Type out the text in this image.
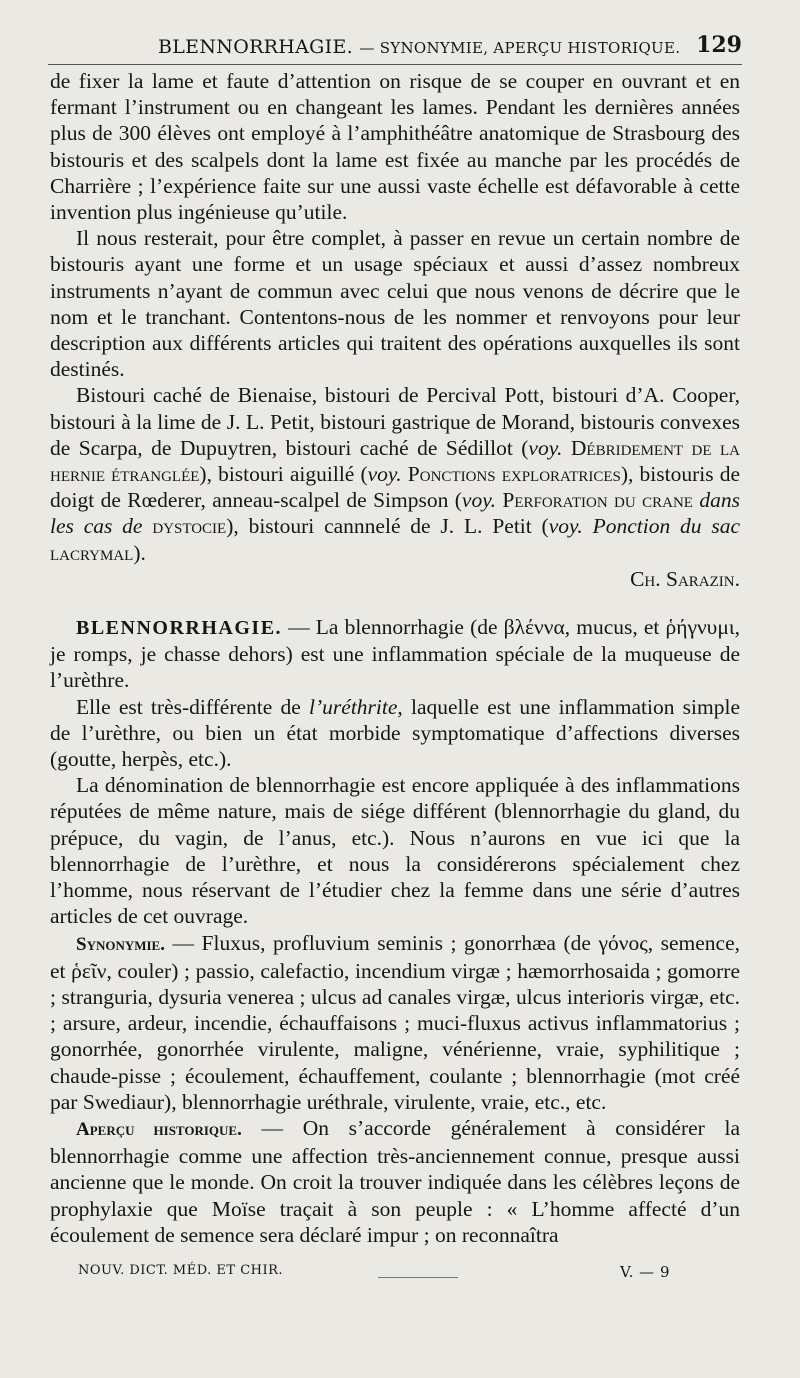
BLENNORRHAGIE. — SYNONYMIE, APERÇU HISTORIQUE. 129

de fixer la lame et faute d’attention on risque de se couper en ouvrant et en fermant l’instrument ou en changeant les lames. Pendant les dernières années plus de 300 élèves ont employé à l’amphithéâtre anatomique de Strasbourg des bistouris et des scalpels dont la lame est fixée au manche par les procédés de Charrière ; l’expérience faite sur une aussi vaste échelle est défavorable à cette invention plus ingénieuse qu’utile.

Il nous resterait, pour être complet, à passer en revue un certain nombre de bistouris ayant une forme et un usage spéciaux et aussi d’assez nombreux instruments n’ayant de commun avec celui que nous venons de décrire que le nom et le tranchant. Contentons-nous de les nommer et renvoyons pour leur description aux différents articles qui traitent des opérations auxquelles ils sont destinés.

Bistouri caché de Bienaise, bistouri de Percival Pott, bistouri d’A. Cooper, bistouri à la lime de J. L. Petit, bistouri gastrique de Morand, bistouris convexes de Scarpa, de Dupuytren, bistouri caché de Sédillot (voy. Débridement de la hernie étranglée), bistouri aiguillé (voy. Ponctions exploratrices), bistouris de doigt de Rœderer, anneau-scalpel de Simpson (voy. Perforation du crane dans les cas de dystocie), bistouri cannnelé de J. L. Petit (voy. Ponction du sac lacrymal).

Ch. Sarazin.

BLENNORRHAGIE. — La blennorrhagie (de βλέννα, mucus, et ῥήγνυμι, je romps, je chasse dehors) est une inflammation spéciale de la muqueuse de l’urèthre.

Elle est très-différente de l’uréthrite, laquelle est une inflammation simple de l’urèthre, ou bien un état morbide symptomatique d’affections diverses (goutte, herpès, etc.).

La dénomination de blennorrhagie est encore appliquée à des inflammations réputées de même nature, mais de siége différent (blennorrhagie du gland, du prépuce, du vagin, de l’anus, etc.). Nous n’aurons en vue ici que la blennorrhagie de l’urèthre, et nous la considérerons spécialement chez l’homme, nous réservant de l’étudier chez la femme dans une série d’autres articles de cet ouvrage.

Synonymie. — Fluxus, profluvium seminis ; gonorrhæa (de γόνος, semence, et ῥεῖν, couler) ; passio, calefactio, incendium virgæ ; hæmorrhosaida ; gomorre ; stranguria, dysuria venerea ; ulcus ad canales virgæ, ulcus interioris virgæ, etc. ; arsure, ardeur, incendie, échauffaisons ; muci-fluxus activus inflammatorius ; gonorrhée, gonorrhée virulente, maligne, vénérienne, vraie, syphilitique ; chaude-pisse ; écoulement, échauffement, coulante ; blennorrhagie (mot créé par Swediaur), blennorrhagie uréthrale, virulente, vraie, etc., etc.

Aperçu historique. — On s’accorde généralement à considérer la blennorrhagie comme une affection très-anciennement connue, presque aussi ancienne que le monde. On croit la trouver indiquée dans les célèbres leçons de prophylaxie que Moïse traçait à son peuple : « L’homme affecté d’un écoulement de semence sera déclaré impur ; on reconnaîtra

NOUV. DICT. MÉD. ET CHIR.	V. — 9
